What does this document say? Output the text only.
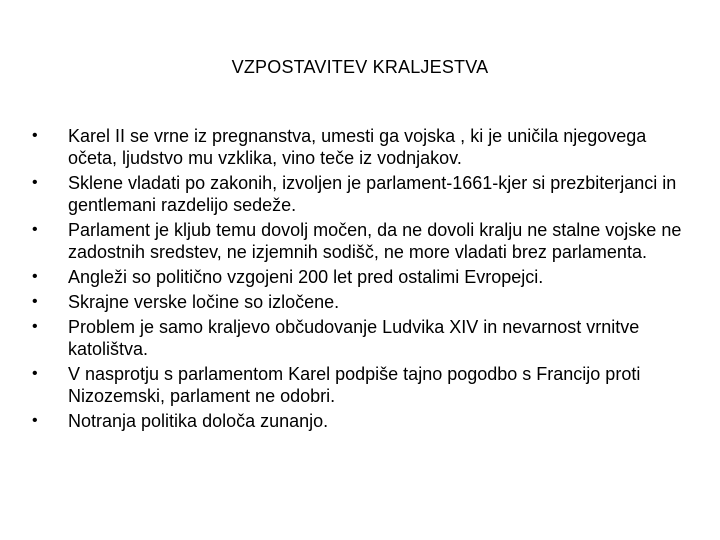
VZPOSTAVITEV KRALJESTVA
•	Karel II se vrne iz pregnanstva, umesti ga vojska , ki je uničila njegovega očeta, ljudstvo mu vzklika, vino teče iz vodnjakov.
•	Sklene vladati po zakonih, izvoljen je parlament-1661-kjer si prezbiterjanci in gentlemani razdelijo sedeže.
•	Parlament je kljub temu dovolj močen, da ne dovoli kralju ne stalne vojske ne zadostnih sredstev, ne izjemnih sodišč, ne more vladati brez parlamenta.
•	Angleži so politično vzgojeni 200 let pred ostalimi Evropejci.
•	Skrajne verske ločine so izločene.
•	Problem je samo kraljevo občudovanje Ludvika XIV in nevarnost vrnitve katolištva.
•	V nasprotju s parlamentom Karel podpiše tajno pogodbo s Francijo proti Nizozemski, parlament ne odobri.
•	Notranja politika določa zunanjo.
